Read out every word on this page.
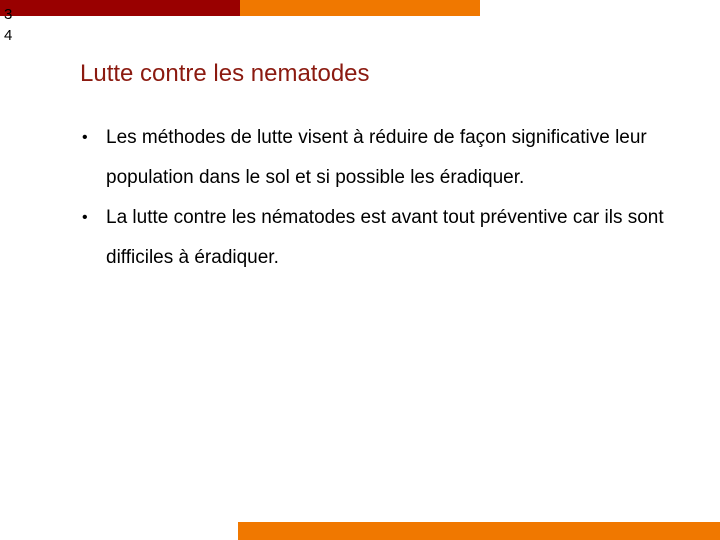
34
Lutte contre les nematodes
• Les méthodes de lutte visent à réduire de façon significative leur population dans le sol et si possible les éradiquer.
• La lutte contre les nématodes est avant tout préventive car ils sont difficiles à éradiquer.
